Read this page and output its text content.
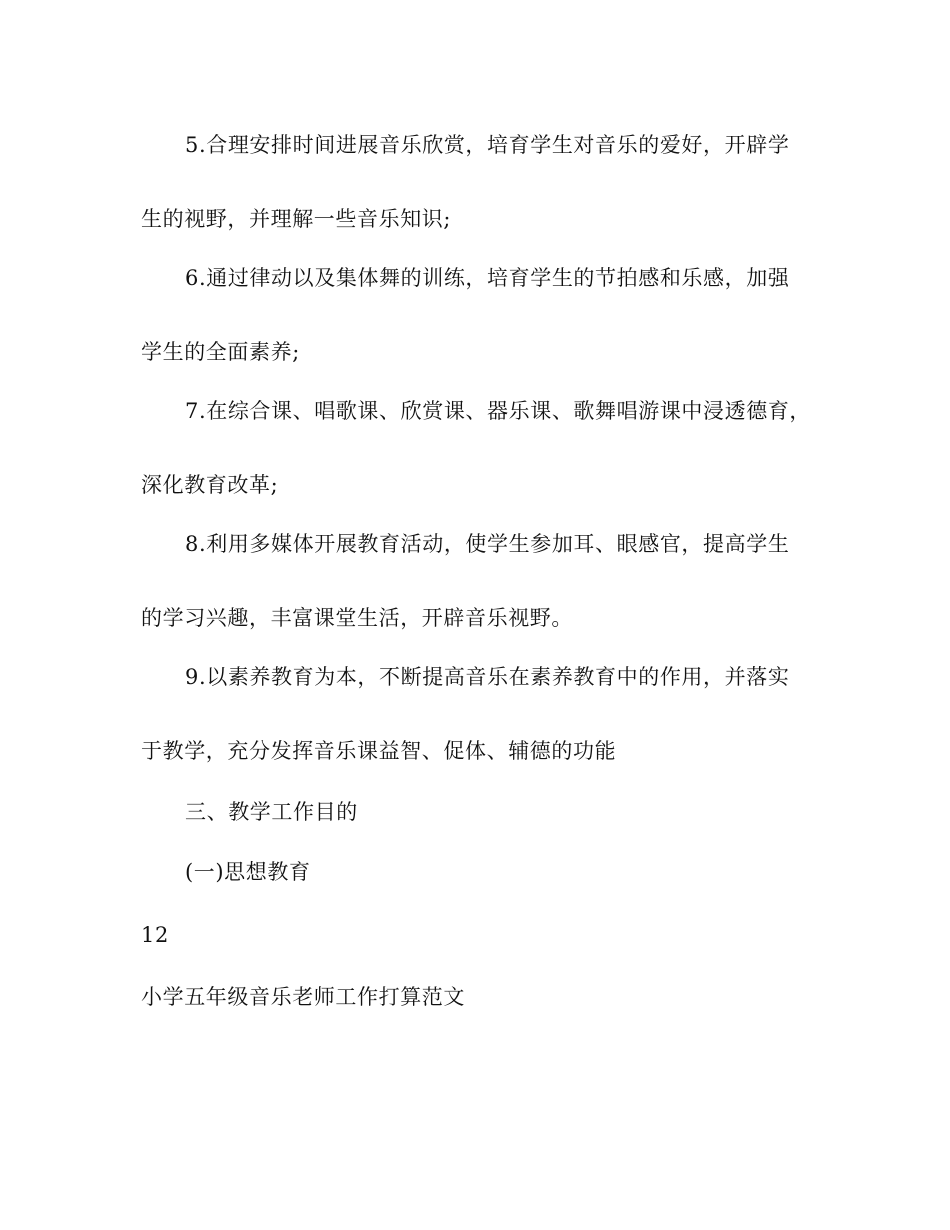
5.合理安排时间进展音乐欣赏，培育学生对音乐的爱好，开辟学
生的视野，并理解一些音乐知识;
6.通过律动以及集体舞的训练，培育学生的节拍感和乐感，加强
学生的全面素养;
7.在综合课、唱歌课、欣赏课、器乐课、歌舞唱游课中浸透德育，
深化教育改革;
8.利用多媒体开展教育活动，使学生参加耳、眼感官，提高学生
的学习兴趣，丰富课堂生活，开辟音乐视野。
9.以素养教育为本，不断提高音乐在素养教育中的作用，并落实
于教学，充分发挥音乐课益智、促体、辅德的功能
三、教学工作目的
(一)思想教育
12
小学五年级音乐老师工作打算范文
